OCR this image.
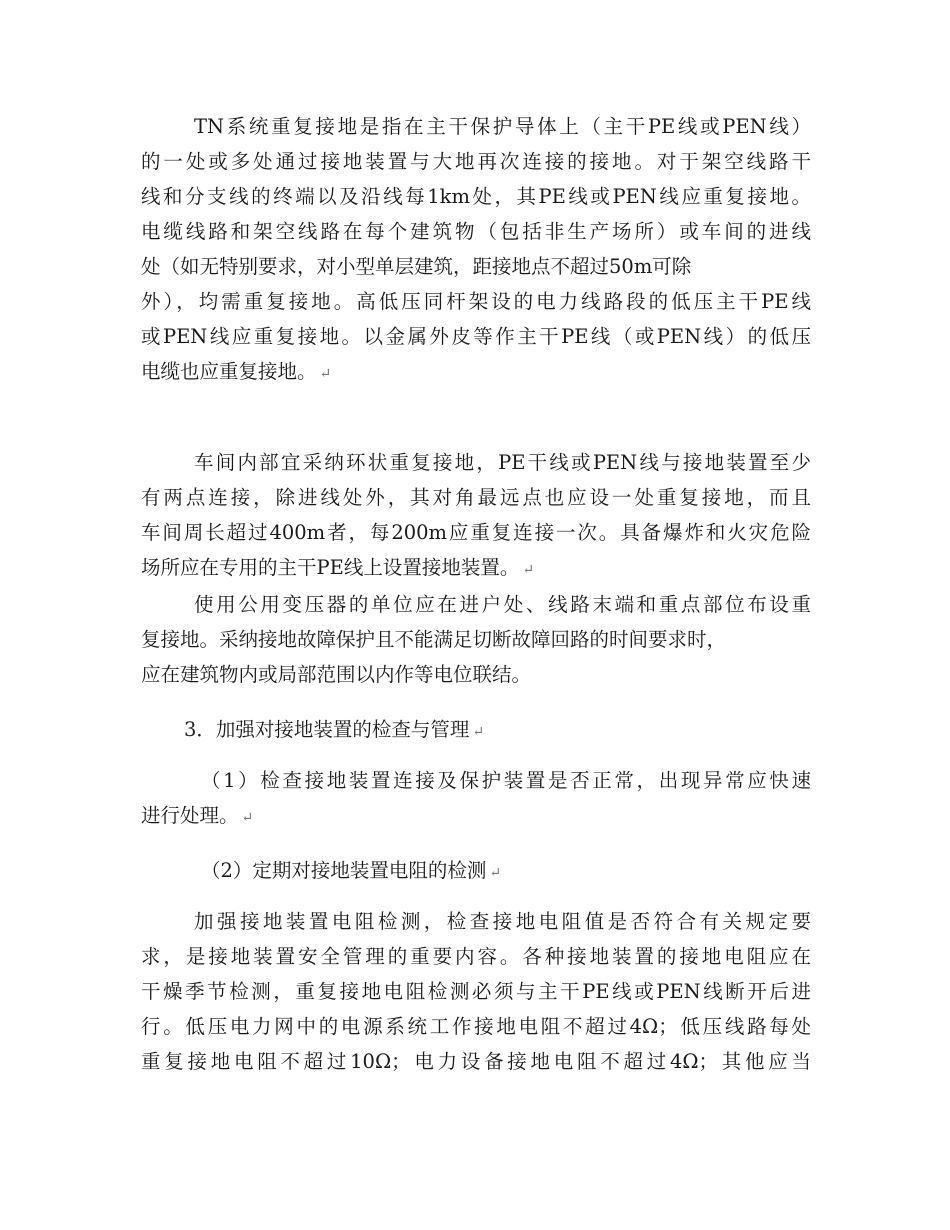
TN系统重复接地是指在主干保护导体上（主干PE线或PEN线）
的一处或多处通过接地装置与大地再次连接的接地。对于架空线路干
线和分支线的终端以及沿线每1km处，其PE线或PEN线应重复接地。
电缆线路和架空线路在每个建筑物（包括非生产场所）或车间的进线
处（如无特别要求，对小型单层建筑，距接地点不超过50m可除
外），均需重复接地。高低压同杆架设的电力线路段的低压主干PE线
或PEN线应重复接地。以金属外皮等作主干PE线（或PEN线）的低压
电缆也应重复接地。 ↵
车间内部宜采纳环状重复接地，PE干线或PEN线与接地装置至少
有两点连接，除进线处外，其对角最远点也应设一处重复接地，而且
车间周长超过400m者，每200m应重复连接一次。具备爆炸和火灾危险
场所应在专用的主干PE线上设置接地装置。 ↵
使用公用变压器的单位应在进户处、线路末端和重点部位布设重
复接地。采纳接地故障保护且不能满足切断故障回路的时间要求时，
应在建筑物内或局部范围以内作等电位联结。
3．加强对接地装置的检查与管理 ↵
（1）检查接地装置连接及保护装置是否正常，出现异常应快速
进行处理。 ↵
（2）定期对接地装置电阻的检测 ↵
加强接地装置电阻检测，检查接地电阻值是否符合有关规定要
求，是接地装置安全管理的重要内容。各种接地装置的接地电阻应在
干燥季节检测，重复接地电阻检测必须与主干PE线或PEN线断开后进
行。低压电力网中的电源系统工作接地电阻不超过4Ω；低压线路每处
重复接地电阻不超过10Ω；电力设备接地电阻不超过4Ω；其他应当
